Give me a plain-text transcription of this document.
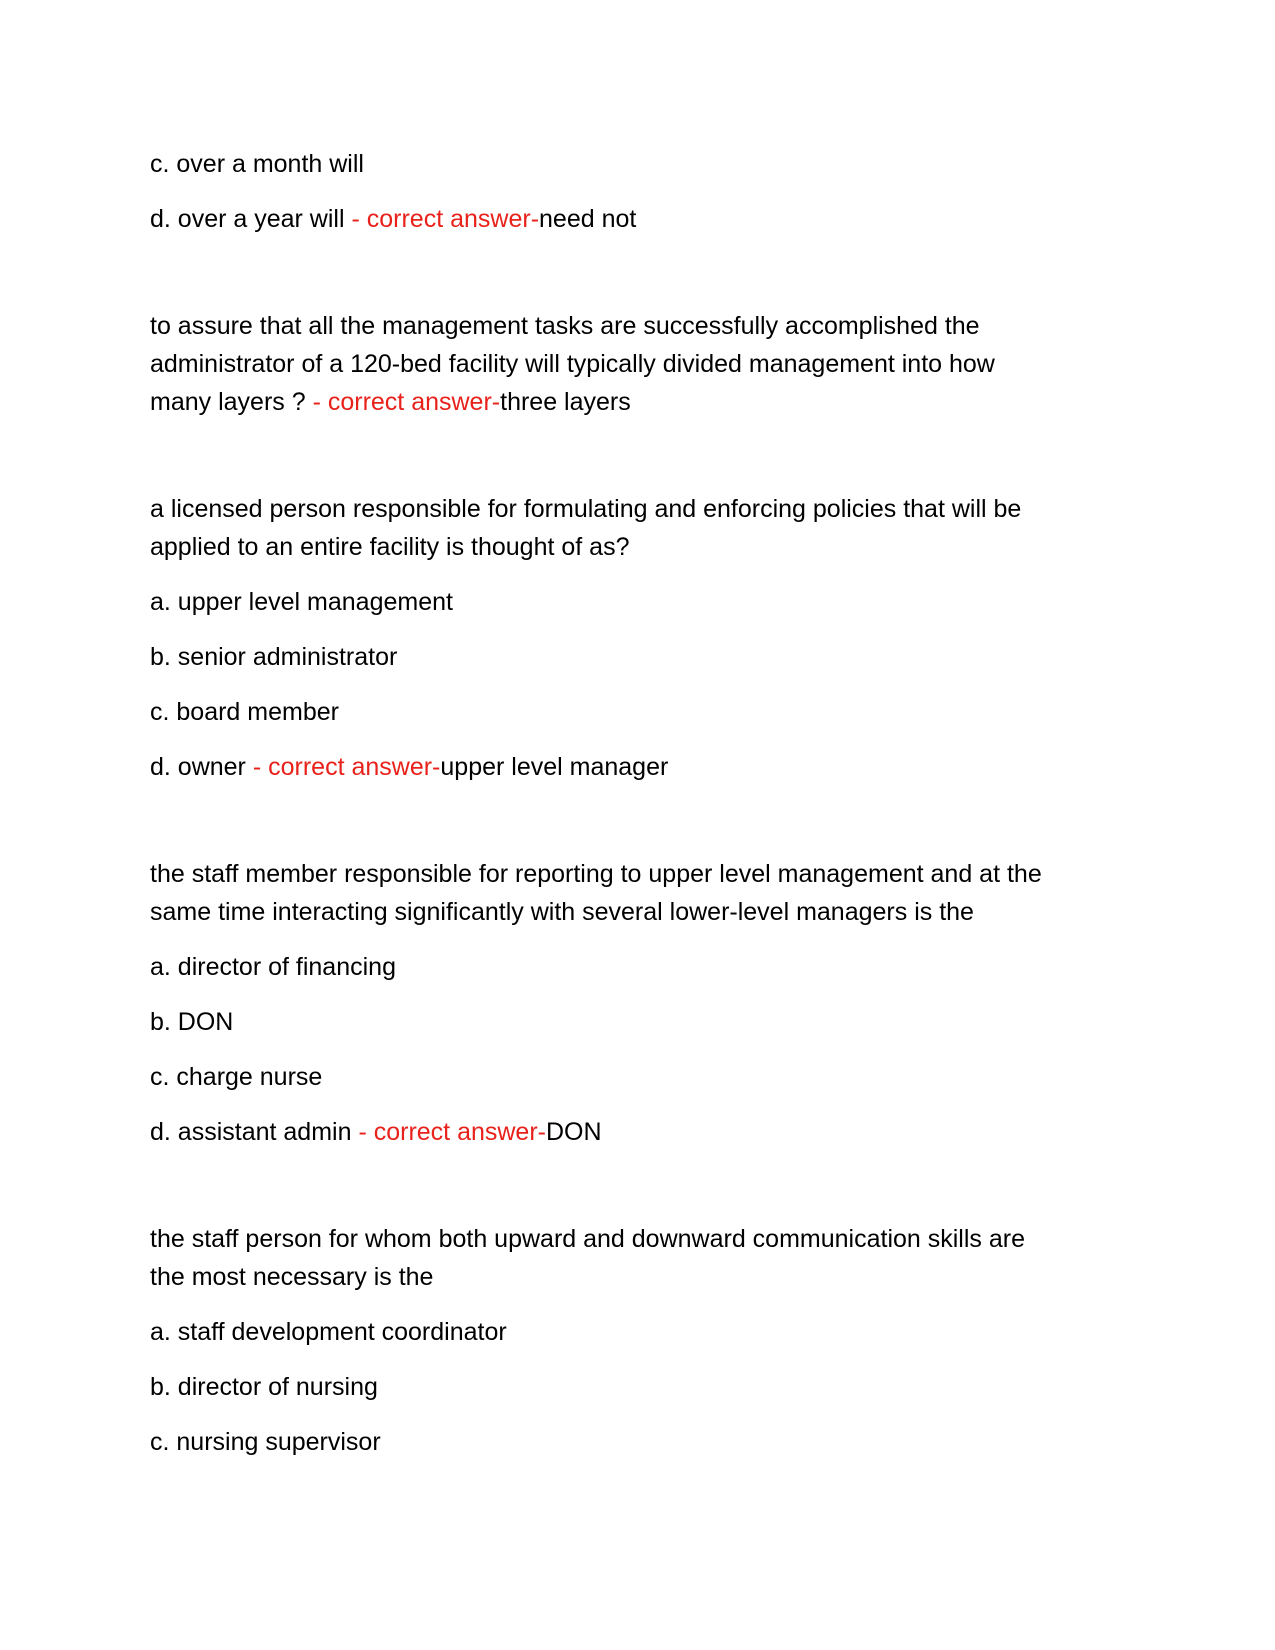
c. over a month will

d. over a year will - correct answer-need not

to assure that all the management tasks are successfully accomplished the

administrator of a 120-bed facility will typically divided management into how

many layers ? - correct answer-three layers

a licensed person responsible for formulating and enforcing policies that will be

applied to an entire facility is thought of as?

a. upper level management

b. senior administrator

c. board member

d. owner - correct answer-upper level manager

the staff member responsible for reporting to upper level management and at the

same time interacting significantly with several lower-level managers is the

a. director of financing

b. DON

c. charge nurse

d. assistant admin - correct answer-DON

the staff person for whom both upward and downward communication skills are

the most necessary is the

a. staff development coordinator

b. director of nursing

c. nursing supervisor
